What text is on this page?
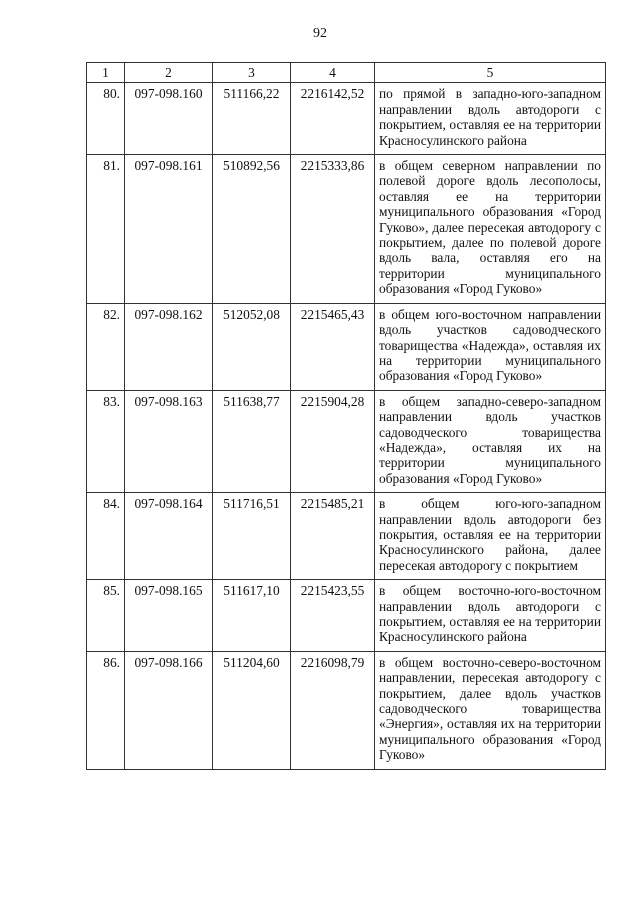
92
1	2	3	4	5
80.	097-098.160	511166,22	2216142,52	по прямой в западно-юго-западном направлении вдоль автодороги с покрытием, оставляя ее на территории Красносулинского района
81.	097-098.161	510892,56	2215333,86	в общем северном направлении по полевой дороге вдоль лесополосы, оставляя ее на территории муниципального образования «Город Гуково», далее пересекая автодорогу с покрытием, далее по полевой дороге вдоль вала, оставляя его на территории муниципального образования «Город Гуково»
82.	097-098.162	512052,08	2215465,43	в общем юго-восточном направлении вдоль участков садоводческого товарищества «Надежда», оставляя их на территории муниципального образования «Город Гуково»
83.	097-098.163	511638,77	2215904,28	в общем западно-северо-западном направлении вдоль участков садоводческого товарищества «Надежда», оставляя их на территории муниципального образования «Город Гуково»
84.	097-098.164	511716,51	2215485,21	в общем юго-юго-западном направлении вдоль автодороги без покрытия, оставляя ее на территории Красносулинского района, далее пересекая автодорогу с покрытием
85.	097-098.165	511617,10	2215423,55	в общем восточно-юго-восточном направлении вдоль автодороги с покрытием, оставляя ее на территории Красносулинского района
86.	097-098.166	511204,60	2216098,79	в общем восточно-северо-восточном направлении, пересекая автодорогу с покрытием, далее вдоль участков садоводческого товарищества «Энергия», оставляя их на территории муниципального образования «Город Гуково»
